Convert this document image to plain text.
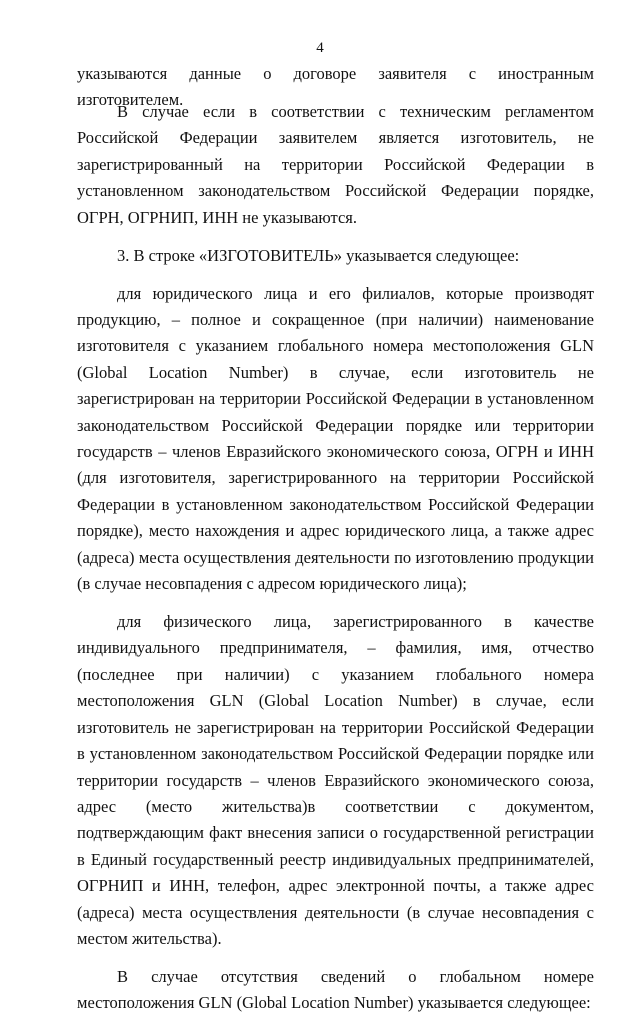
4
указываются данные о договоре заявителя с иностранным изготовителем.
В случае если в соответствии с техническим регламентом Российской Федерации заявителем является изготовитель, не зарегистрированный на территории Российской Федерации в установленном законодательством Российской Федерации порядке, ОГРН, ОГРНИП, ИНН не указываются.
3. В строке «ИЗГОТОВИТЕЛЬ» указывается следующее:
для юридического лица и его филиалов, которые производят продукцию, – полное и сокращенное (при наличии) наименование изготовителя с указанием глобального номера местоположения GLN (Global Location Number) в случае, если изготовитель не зарегистрирован на территории Российской Федерации в установленном законодательством Российской Федерации порядке или территории государств – членов Евразийского экономического союза, ОГРН и ИНН (для изготовителя, зарегистрированного на территории Российской Федерации в установленном законодательством Российской Федерации порядке), место нахождения и адрес юридического лица, а также адрес (адреса) места осуществления деятельности по изготовлению продукции (в случае несовпадения с адресом юридического лица);
для физического лица, зарегистрированного в качестве индивидуального предпринимателя, – фамилия, имя, отчество (последнее при наличии) с указанием глобального номера местоположения GLN (Global Location Number) в случае, если изготовитель не зарегистрирован на территории Российской Федерации в установленном законодательством Российской Федерации порядке или территории государств – членов Евразийского экономического союза, адрес (место жительства)в соответствии с документом, подтверждающим факт внесения записи о государственной регистрации в Единый государственный реестр индивидуальных предпринимателей, ОГРНИП и ИНН, телефон, адрес электронной почты, а также адрес (адреса) места осуществления деятельности (в случае несовпадения с местом жительства).
В случае отсутствия сведений о глобальном номере местоположения GLN (Global Location Number) указывается следующее:
